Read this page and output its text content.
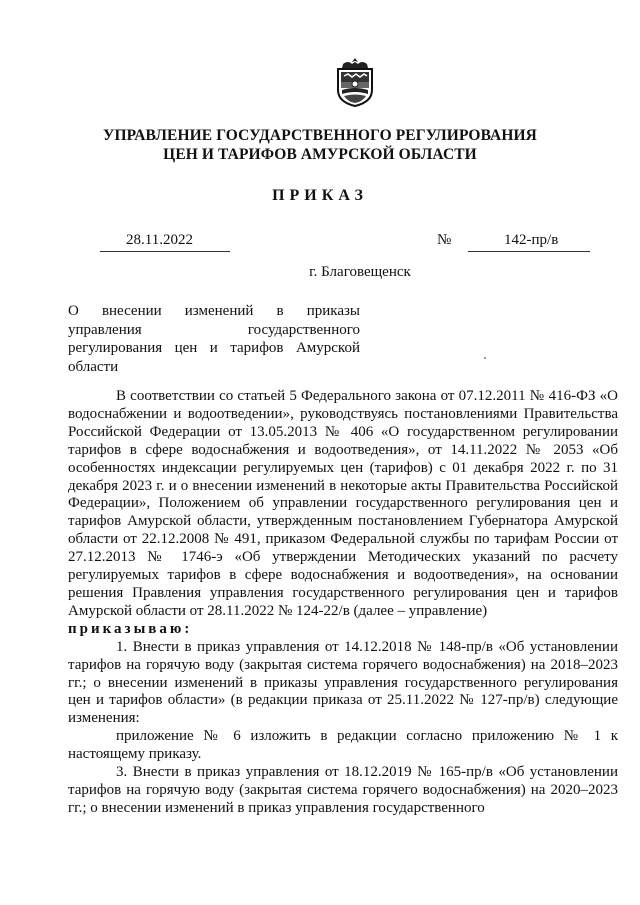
УПРАВЛЕНИЕ ГОСУДАРСТВЕННОГО РЕГУЛИРОВАНИЯ
ЦЕН И ТАРИФОВ АМУРСКОЙ ОБЛАСТИ
ПРИКАЗ
28.11.2022	№	142-пр/в
г. Благовещенск
О внесении изменений в приказы
управления государственного
регулирования цен и тарифов Амурской
области

В соответствии со статьей 5 Федерального закона от 07.12.2011 № 416-ФЗ «О водоснабжении и водоотведении», руководствуясь постановлениями Правительства Российской Федерации от 13.05.2013 № 406 «О государственном регулировании тарифов в сфере водоснабжения и водоотведения», от 14.11.2022 № 2053 «Об особенностях индексации регулируемых цен (тарифов) с 01 декабря 2022 г. по 31 декабря 2023 г. и о внесении изменений в некоторые акты Правительства Российской Федерации», Положением об управлении государственного регулирования цен и тарифов Амурской области, утвержденным постановлением Губернатора Амурской области от 22.12.2008 № 491, приказом Федеральной службы по тарифам России от 27.12.2013 № 1746-э «Об утверждении Методических указаний по расчету регулируемых тарифов в сфере водоснабжения и водоотведения», на основании решения Правления управления государственного регулирования цен и тарифов Амурской области от 28.11.2022 № 124-22/в (далее – управление)

приказываю:

1. Внести в приказ управления от 14.12.2018 № 148-пр/в «Об установлении тарифов на горячую воду (закрытая система горячего водоснабжения) на 2018–2023 гг.; о внесении изменений в приказы управления государственного регулирования цен и тарифов области» (в редакции приказа от 25.11.2022 № 127-пр/в) следующие изменения:

приложение № 6 изложить в редакции согласно приложению № 1 к настоящему приказу.

3. Внести в приказ управления от 18.12.2019 № 165-пр/в «Об установлении тарифов на горячую воду (закрытая система горячего водоснабжения) на 2020–2023 гг.; о внесении изменений в приказ управления государственного
